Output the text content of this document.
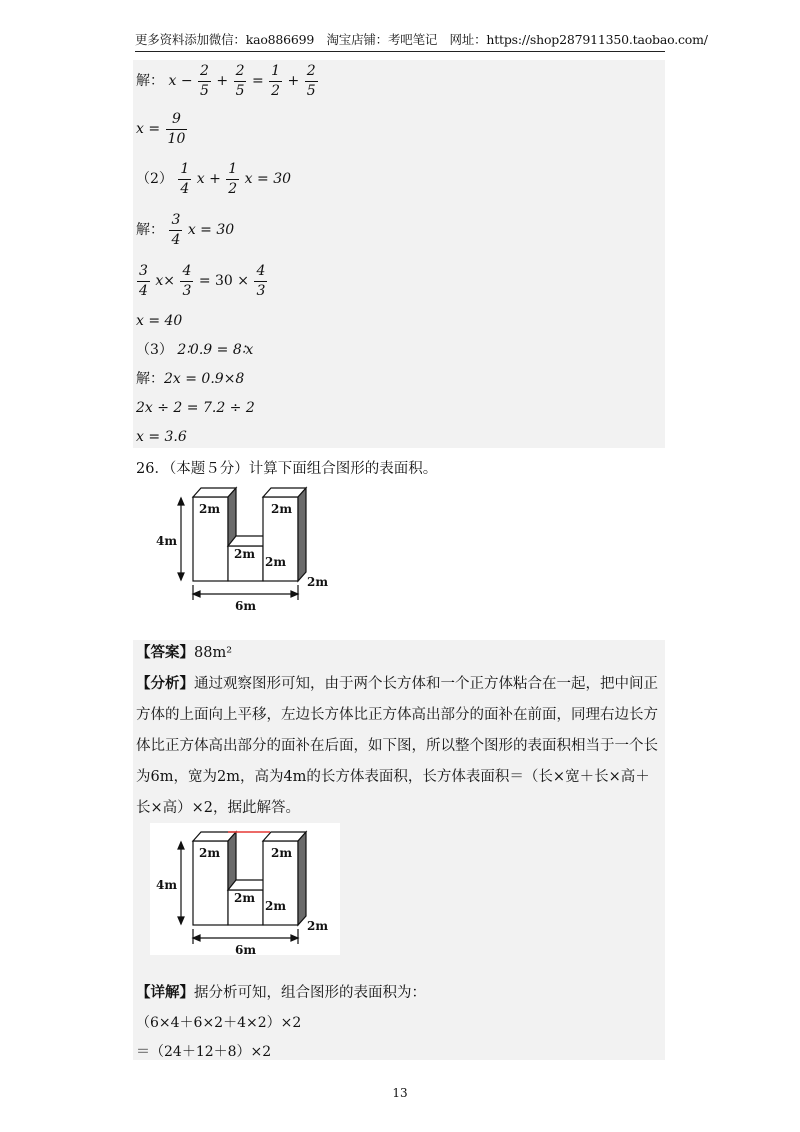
更多资料添加微信：kao886699　淘宝店铺：考吧笔记　网址：https://shop287911350.taobao.com/
解： $x - \frac{2}{5} + \frac{2}{5} = \frac{1}{2} + \frac{2}{5}$
$x = \frac{9}{10}$
$(2) \frac{1}{4}$ $x + \frac{1}{2}$ x = 30
解： $\frac{3}{4}$ x = 30
$\frac{3}{4} x\times \frac{4}{3} = 30 \times \frac{4}{3}$
x = 40
（3） 2∶0.9 = 8∶x
解：2x = 0.9×8
2x ÷ 2 = 7.2 ÷ 2
x = 3.6
26．（本题５分）计算下面组合图形的表面积。
4m
6m
2m
2m	2m
2m
2m
【答案】88m²
【分析】通过观察图形可知，由于两个长方体和一个正方体粘合在一起，把中间正方体的上面向上平移，左边长方体比正方体高出部分的面补在前面，同理右边长方体比正方体高出部分的面补在后面，如下图，所以整个图形的表面积相当于一个长为6m，宽为2m，高为4m的长方体表面积，长方体表面积＝（长×宽＋长×高＋长×高）×2，据此解答。
4m
6m
2m
2m	2m
2m
2m
【详解】据分析可知，组合图形的表面积为：
（6×4＋6×2＋4×2）×2
＝（24＋12＋8）×2
13
